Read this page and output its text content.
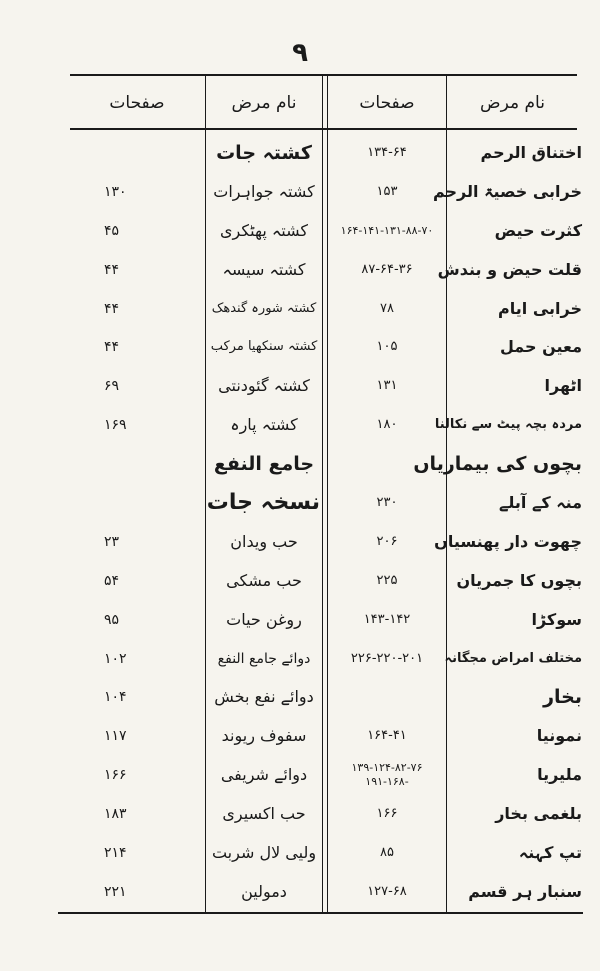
۹
نام مرض
صفحات
نام مرض
صفحات
اختناق الرحم
۱۳۴-۶۴
کشتہ جات
خرابی خصیۃ الرحم
۱۵۳
کشتہ جواہرات
۱۳۰
کثرت حیض
۱۶۴-۱۴۱-۱۳۱-۸۸-۷۰
کشتہ پھٹکری
۴۵
قلت حیض و بندش
۸۷-۶۴-۳۶
کشتہ سیسہ
۴۴
خرابی ایام
۷۸
کشتہ شورہ گندھک
۴۴
معین حمل
۱۰۵
کشتہ سنکھیا مرکب
۴۴
اٹھرا
۱۳۱
کشتہ گئودنتی
۶۹
مردہ بچہ پیٹ سے نکالنا
۱۸۰
کشتہ پارہ
۱۶۹
بچوں کی بیماریاں
جامع النفع
منہ کے آبلے
۲۳۰
نسخہ جات
چھوت دار پھنسیاں
۲۰۶
حب ویدان
۲۳
بچوں کا جمریان
۲۲۵
حب مشکی
۵۴
سوکڑا
۱۴۳-۱۴۲
روغن حیات
۹۵
مختلف امراض مجگانہ
۲۲۶-۲۲۰-۲۰۱
دوائے جامع النفع
۱۰۲
بخار
دوائے نفع بخش
۱۰۴
نمونیا
۱۶۴-۴۱
سفوف ریوند
۱۱۷
ملیریا
۱۳۹-۱۲۴-۸۲-۷۶
-۱۹۱-۱۶۸
دوائے شریفی
۱۶۶
بلغمی بخار
۱۶۶
حب اکسیری
۱۸۳
تپ کہنہ
۸۵
ولیی لال شربت
۲۱۴
سنبار ہر قسم
۱۲۷-۶۸
دمولین
۲۲۱
